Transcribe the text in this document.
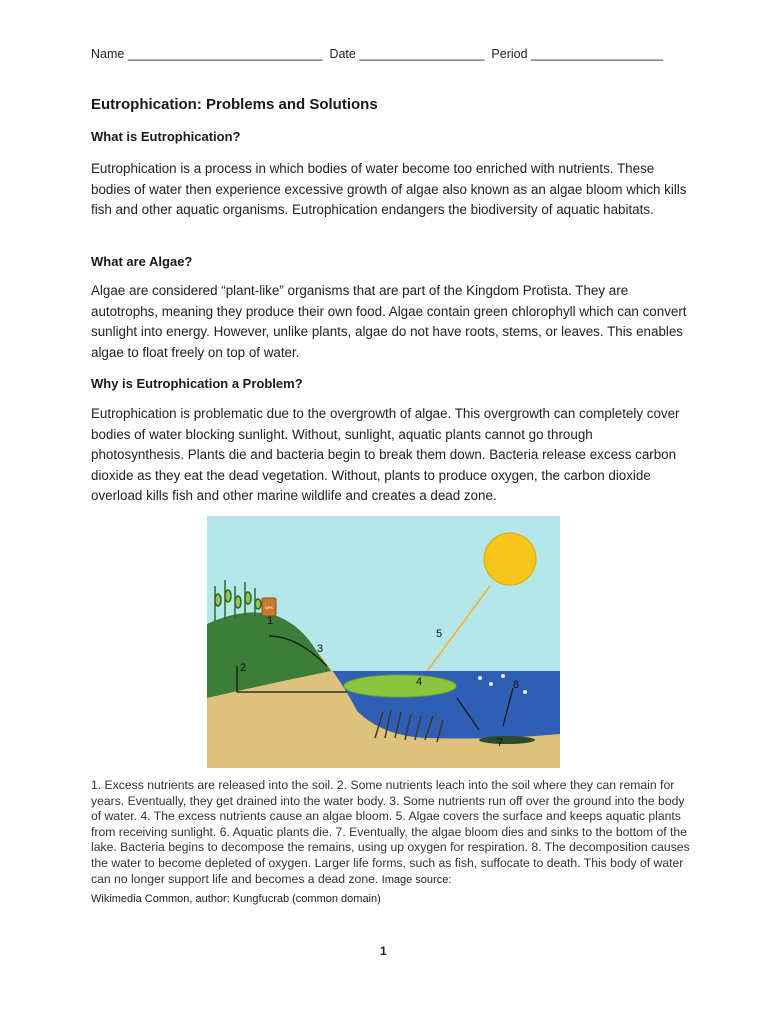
Name ____________________________ Date __________________ Period ___________________
Eutrophication: Problems and Solutions
What is Eutrophication?

Eutrophication is a process in which bodies of water become too enriched with nutrients. These bodies of water then experience excessive growth of algae also known as an algae bloom which kills fish and other aquatic organisms. Eutrophication endangers the biodiversity of aquatic habitats.

What are Algae?

Algae are considered “plant-like” organisms that are part of the Kingdom Protista. They are autotrophs, meaning they produce their own food. Algae contain green chlorophyll which can convert sunlight into energy. However, unlike plants, algae do not have roots, stems, or leaves. This enables algae to float freely on top of water.

Why is Eutrophication a Problem?

Eutrophication is problematic due to the overgrowth of algae. This overgrowth can completely cover bodies of water blocking sunlight. Without, sunlight, aquatic plants cannot go through photosynthesis. Plants die and bacteria begin to break them down. Bacteria release excess carbon dioxide as they eat the dead vegetation. Without, plants to produce oxygen, the carbon dioxide overload kills fish and other marine wildlife and creates a dead zone.

NPK
1
2
3
4
5
7
8

1. Excess nutrients are released into the soil. 2. Some nutrients leach into the soil where they can remain for years. Eventually, they get drained into the water body. 3. Some nutrients run off over the ground into the body of water. 4. The excess nutrients cause an algae bloom. 5. Algae covers the surface and keeps aquatic plants from receiving sunlight. 6. Aquatic plants die. 7. Eventually, the algae bloom dies and sinks to the bottom of the lake. Bacteria begins to decompose the remains, using up oxygen for respiration. 8. The decomposition causes the water to become depleted of oxygen. Larger life forms, such as fish, suffocate to death. This body of water can no longer support life and becomes a dead zone. Image source:

Wikimedia Common, author: Kungfucrab (common domain)
1
